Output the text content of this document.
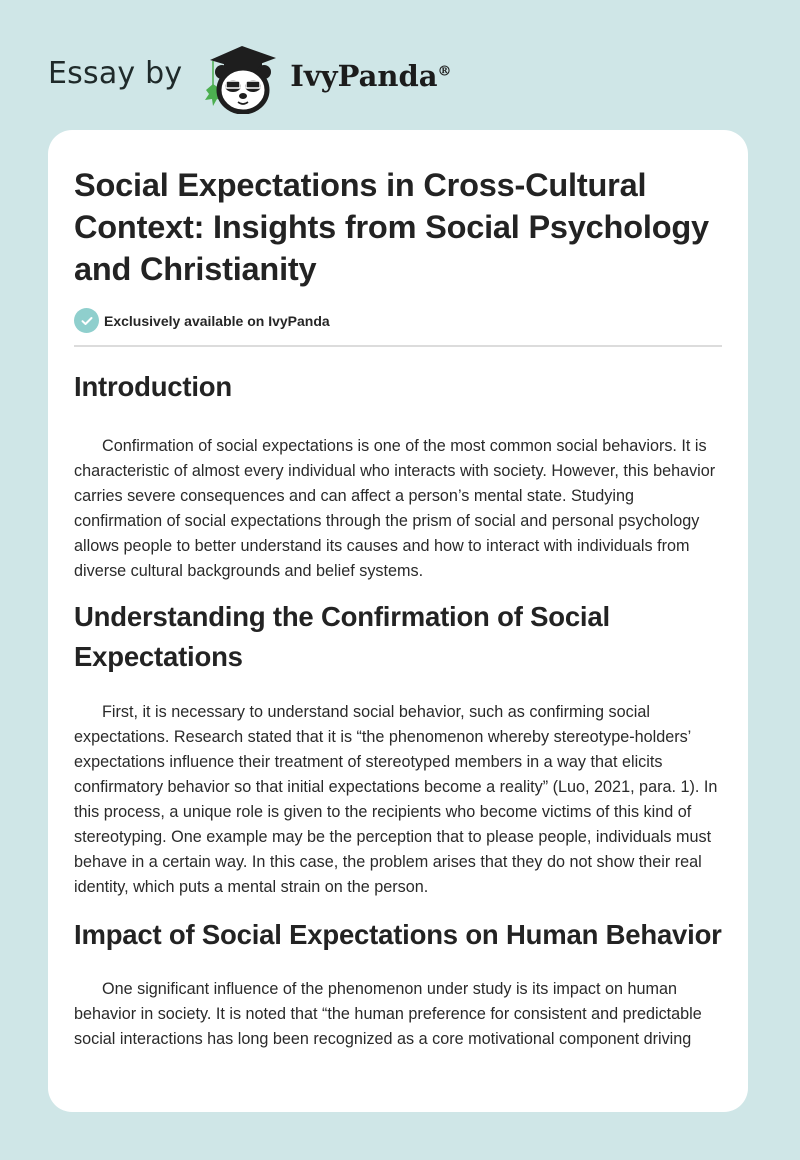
Essay by	IvyPanda®
Social Expectations in Cross-Cultural Context: Insights from Social Psychology and Christianity
Exclusively available on IvyPanda
Introduction

Confirmation of social expectations is one of the most common social behaviors. It is characteristic of almost every individual who interacts with society. However, this behavior carries severe consequences and can affect a person’s mental state. Studying confirmation of social expectations through the prism of social and personal psychology allows people to better understand its causes and how to interact with individuals from diverse cultural backgrounds and belief systems.

Understanding the Confirmation of Social Expectations

First, it is necessary to understand social behavior, such as confirming social expectations. Research stated that it is “the phenomenon whereby stereotype-holders’ expectations influence their treatment of stereotyped members in a way that elicits confirmatory behavior so that initial expectations become a reality” (Luo, 2021, para. 1). In this process, a unique role is given to the recipients who become victims of this kind of stereotyping. One example may be the perception that to please people, individuals must behave in a certain way. In this case, the problem arises that they do not show their real identity, which puts a mental strain on the person.

Impact of Social Expectations on Human Behavior

One significant influence of the phenomenon under study is its impact on human behavior in society. It is noted that “the human preference for consistent and predictable social interactions has long been recognized as a core motivational component driving
